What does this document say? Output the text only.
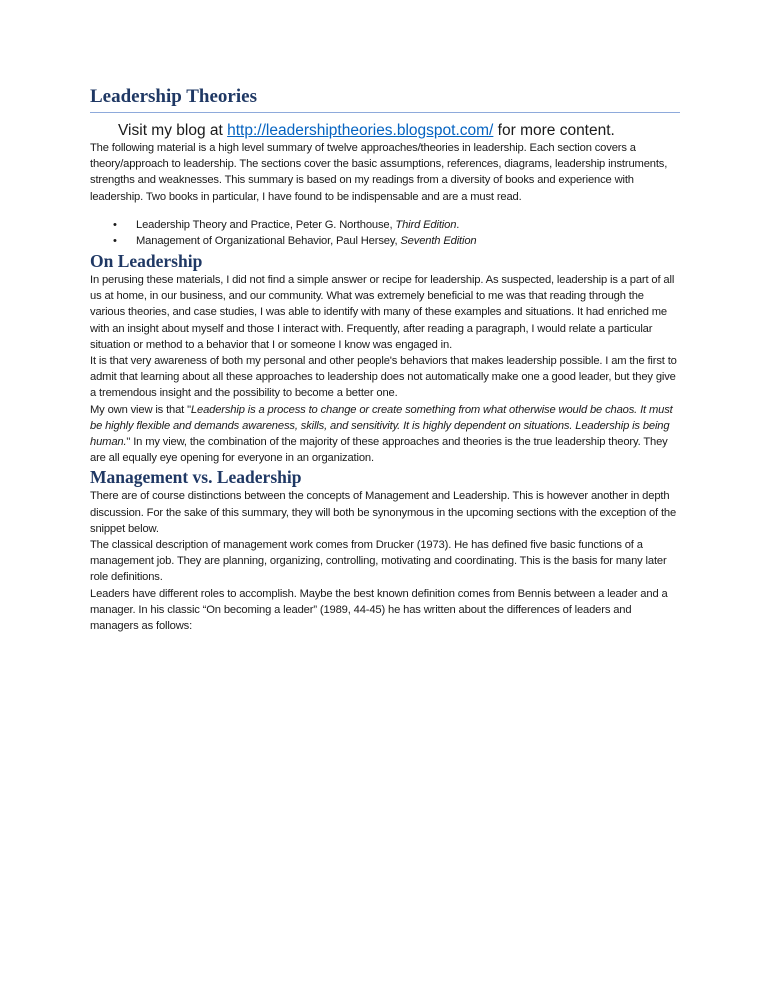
Leadership Theories
Visit my blog at http://leadershiptheories.blogspot.com/ for more content.

The following material is a high level summary of twelve approaches/theories in leadership. Each section covers a theory/approach to leadership. The sections cover the basic assumptions, references, diagrams, leadership instruments, strengths and weaknesses. This summary is based on my readings from a diversity of books and experience with leadership. Two books in particular, I have found to be indispensable and are a must read.

• Leadership Theory and Practice, Peter G. Northouse, Third Edition.
• Management of Organizational Behavior, Paul Hersey, Seventh Edition
On Leadership

In perusing these materials, I did not find a simple answer or recipe for leadership. As suspected, leadership is a part of all us at home, in our business, and our community. What was extremely beneficial to me was that reading through the various theories, and case studies, I was able to identify with many of these examples and situations. It had enriched me with an insight about myself and those I interact with. Frequently, after reading a paragraph, I would relate a particular situation or method to a behavior that I or someone I know was engaged in.

It is that very awareness of both my personal and other people's behaviors that makes leadership possible. I am the first to admit that learning about all these approaches to leadership does not automatically make one a good leader, but they give a tremendous insight and the possibility to become a better one.

My own view is that "Leadership is a process to change or create something from what otherwise would be chaos. It must be highly flexible and demands awareness, skills, and sensitivity. It is highly dependent on situations. Leadership is being human." In my view, the combination of the majority of these approaches and theories is the true leadership theory. They are all equally eye opening for everyone in an organization.

Management vs. Leadership

There are of course distinctions between the concepts of Management and Leadership. This is however another in depth discussion. For the sake of this summary, they will both be synonymous in the upcoming sections with the exception of the snippet below.

The classical description of management work comes from Drucker (1973). He has defined five basic functions of a management job. They are planning, organizing, controlling, motivating and coordinating. This is the basis for many later role definitions.

Leaders have different roles to accomplish. Maybe the best known definition comes from Bennis between a leader and a manager. In his classic “On becoming a leader” (1989, 44-45) he has written about the differences of leaders and managers as follows:
